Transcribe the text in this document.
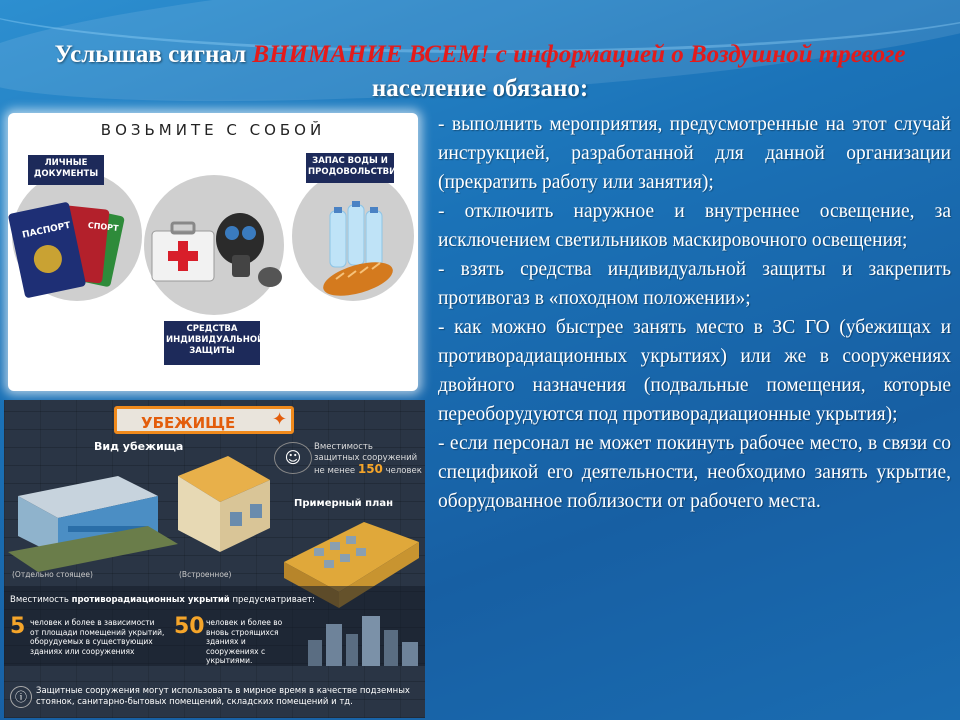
Услышав сигнал ВНИМАНИЕ ВСЕМ! с информацией о Воздушной тревоге население обязано:
ВОЗЬМИТЕ С СОБОЙ
ЛИЧНЫЕ ДОКУМЕНТЫ
ЗАПАС ВОДЫ И ПРОДОВОЛЬСТВИЯ
СРЕДСТВА ИНДИВИДУАЛЬНОЙ ЗАЩИТЫ
ПАСПОРТ СПОРТ
УБЕЖИЩЕ	✦
Вид убежища
☺
Вместимость
защитных сооружений
не менее 150 человек
Примерный план
(Отдельно стоящее)	(Встроенное)
Вместимость противорадиационных укрытий предусматривает:
5 человек и более в зависимости от площади помещений укрытий, оборудуемых в существующих зданиях или сооружениях
50 человек и более во вновь строящихся зданиях и сооружениях с укрытиями.
ⓘ	Защитные сооружения могут использовать в мирное время в качестве подземных стоянок, санитарно-бытовых помещений, складских помещений и тд.

- выполнить мероприятия, предусмотренные на этот случай инструкцией, разработанной для данной организации (прекратить работу или занятия);

- отключить наружное и внутреннее освещение, за исключением светильников маскировочного освещения;

- взять средства индивидуальной защиты и закрепить противогаз в «походном положении»;

- как можно быстрее занять место в ЗС ГО (убежищах и противорадиационных укрытиях) или же в сооружениях двойного назначения (подвальные помещения, которые переоборудуются под противорадиационные укрытия);

- если персонал не может покинуть рабочее место, в связи со спецификой его деятельности, необходимо занять укрытие, оборудованное поблизости от рабочего места.
